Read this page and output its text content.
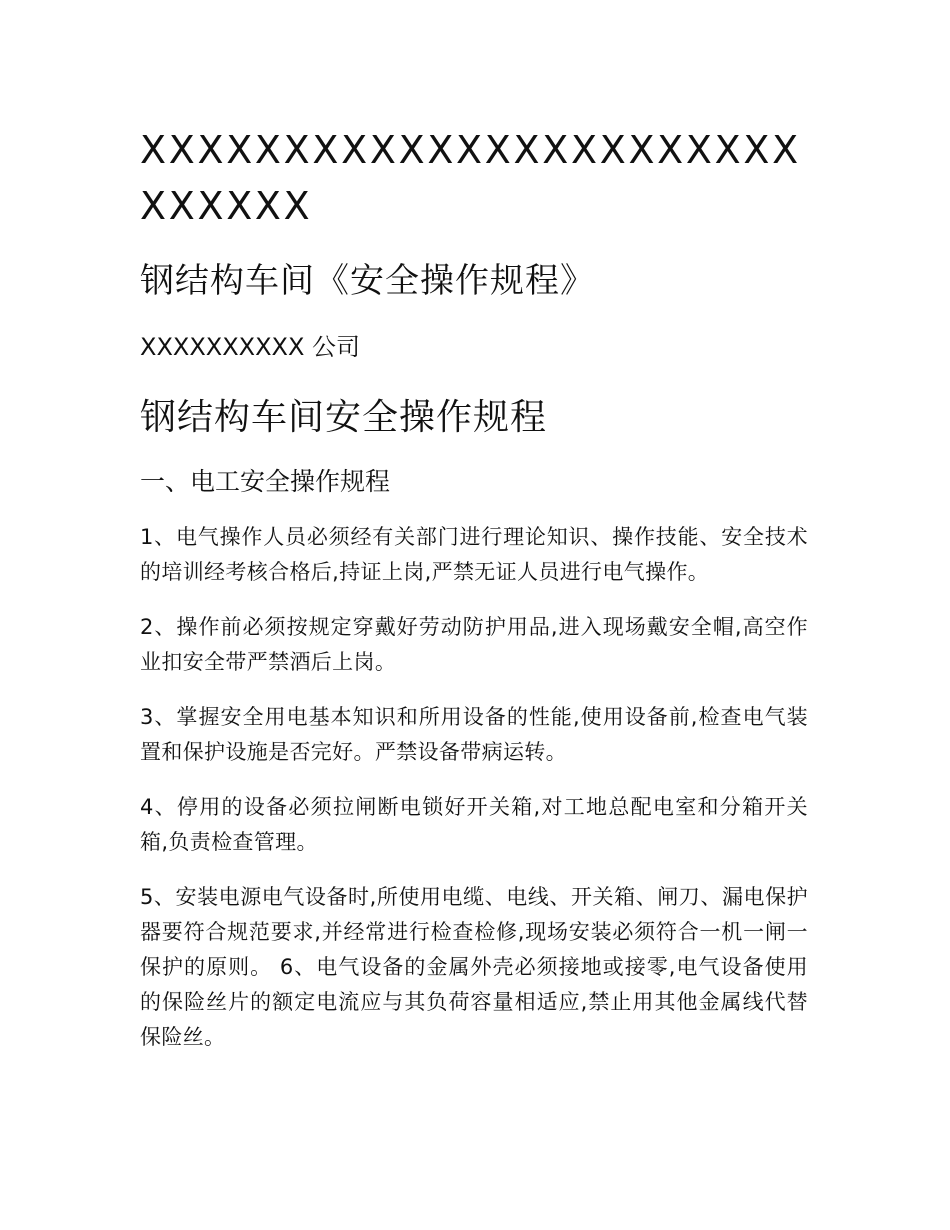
XXXXXXXXXXXXXXXXXXXXXXXXXXXXX
钢结构车间《安全操作规程》
XXXXXXXXXX 公司
钢结构车间安全操作规程
一、电工安全操作规程

1、电气操作人员必须经有关部门进行理论知识、操作技能、安全技术的培训经考核合格后,持证上岗,严禁无证人员进行电气操作。

2、操作前必须按规定穿戴好劳动防护用品,进入现场戴安全帽,高空作业扣安全带严禁酒后上岗。

3、掌握安全用电基本知识和所用设备的性能,使用设备前,检查电气装置和保护设施是否完好。严禁设备带病运转。

4、停用的设备必须拉闸断电锁好开关箱,对工地总配电室和分箱开关箱,负责检查管理。

5、安装电源电气设备时,所使用电缆、电线、开关箱、闸刀、漏电保护器要符合规范要求,并经常进行检查检修,现场安装必须符合一机一闸一保护的原则。 6、电气设备的金属外壳必须接地或接零,电气设备使用的保险丝片的额定电流应与其负荷容量相适应,禁止用其他金属线代替保险丝。
